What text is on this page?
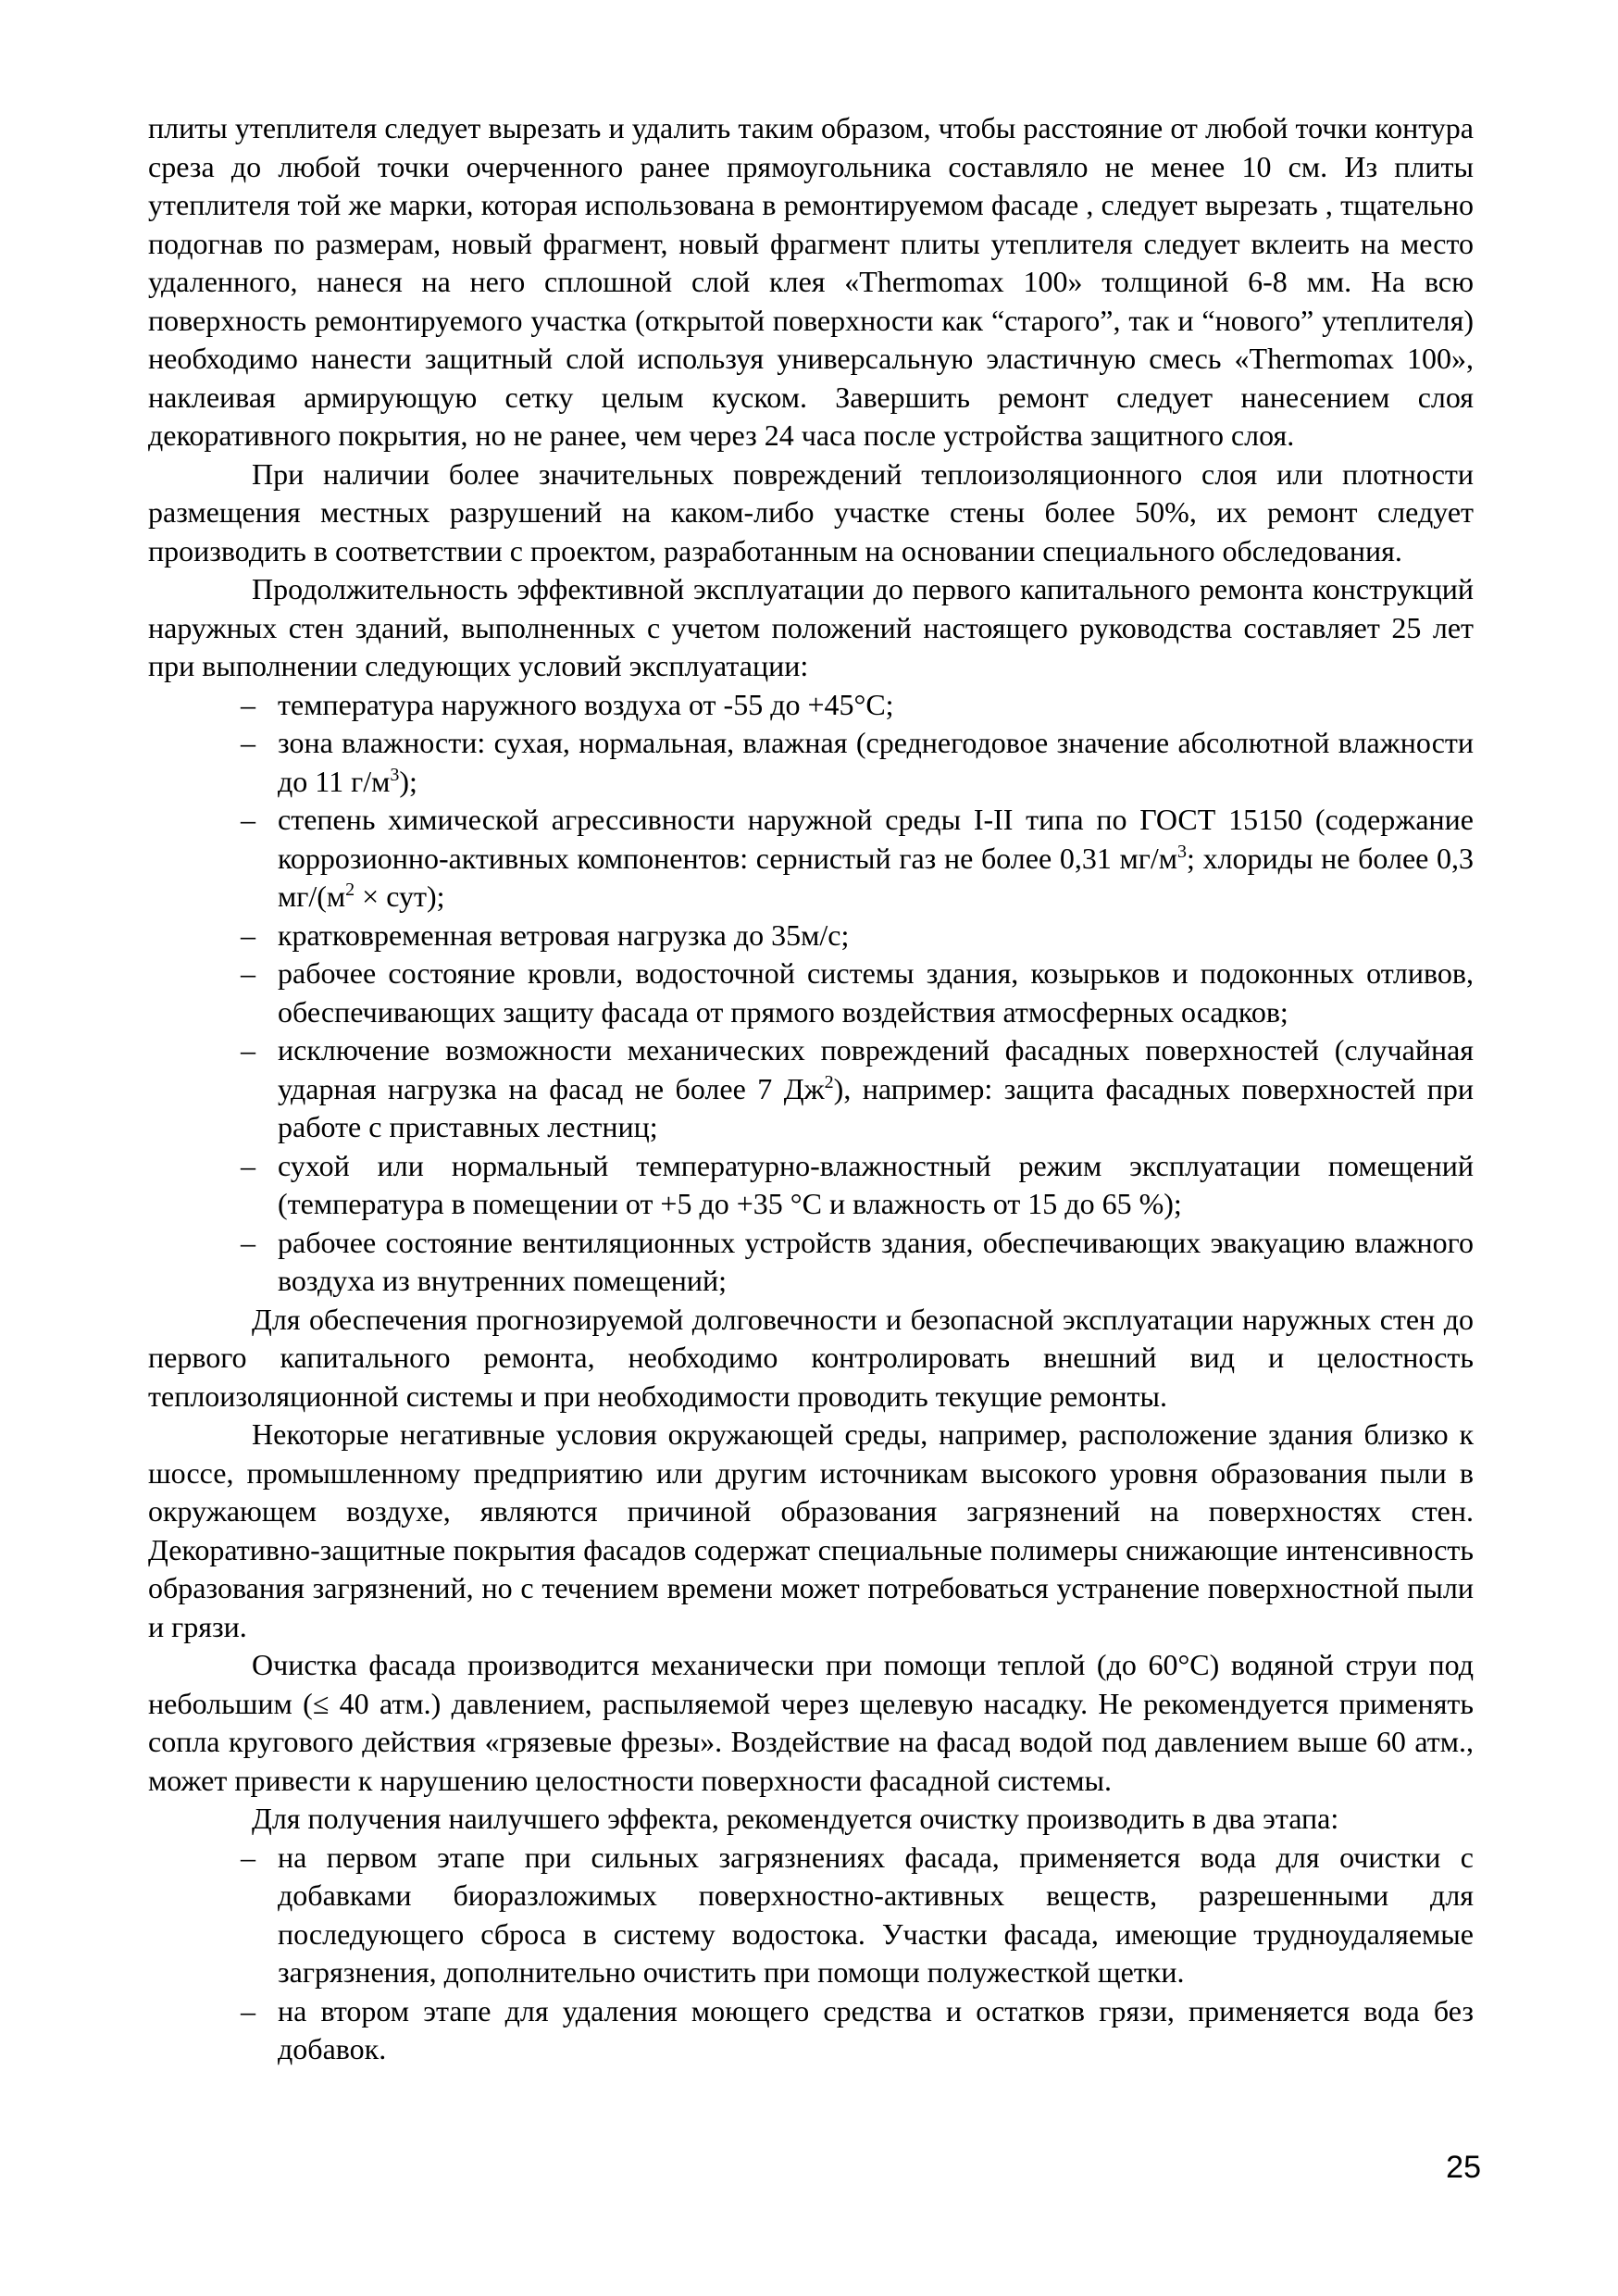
плиты утеплителя следует вырезать и удалить таким образом, чтобы расстояние от любой точки контура среза до любой точки очерченного ранее прямоугольника составляло не менее 10 см. Из плиты утеплителя той же марки, которая использована в ремонтируемом фасаде , следует вырезать , тщательно подогнав по размерам, новый фрагмент, новый фрагмент плиты утеплителя следует вклеить на место удаленного, нанеся на него сплошной слой клея «Thermomax 100» толщиной 6-8 мм. На всю поверхность ремонтируемого участка (открытой поверхности как “старого”, так и “нового” утеплителя) необходимо нанести защитный слой используя универсальную эластичную смесь «Thermomax 100», наклеивая армирующую сетку целым куском. Завершить ремонт следует нанесением слоя декоративного покрытия, но не ранее, чем через 24 часа после устройства защитного слоя.

При наличии более значительных повреждений теплоизоляционного слоя или плотности размещения местных разрушений на каком-либо участке стены более 50%, их ремонт следует производить в соответствии с проектом, разработанным на основании специального обследования.

Продолжительность эффективной эксплуатации до первого капитального ремонта конструкций наружных стен зданий, выполненных с учетом положений настоящего руководства составляет 25 лет при выполнении следующих условий эксплуатации:

– температура наружного воздуха от -55 до +45°С;
– зона влажности: сухая, нормальная, влажная (среднегодовое значение абсолютной влажности до 11 $г/м^3$);
– степень химической агрессивности наружной среды I-II типа по ГОСТ 15150 (содержание коррозионно-активных компонентов: сернистый газ не более 0,31 $мг/м^3$; хлориды не более 0,3 $мг/(м^2 \times сут)$;
– кратковременная ветровая нагрузка до 35м/с;
– рабочее состояние кровли, водосточной системы здания, козырьков и подоконных отливов, обеспечивающих защиту фасада от прямого воздействия атмосферных осадков;
– исключение возможности механических повреждений фасадных поверхностей (случайная ударная нагрузка на фасад не более 7 $Дж^2$), например: защита фасадных поверхностей при работе с приставных лестниц;
– сухой или нормальный температурно-влажностный режим эксплуатации помещений (температура в помещении от +5 до +35 °С и влажность от 15 до 65 %);
– рабочее состояние вентиляционных устройств здания, обеспечивающих эвакуацию влажного воздуха из внутренних помещений;

Для обеспечения прогнозируемой долговечности и безопасной эксплуатации наружных стен до первого капитального ремонта, необходимо контролировать внешний вид и целостность теплоизоляционной системы и при необходимости проводить текущие ремонты.

Некоторые негативные условия окружающей среды, например, расположение здания близко к шоссе, промышленному предприятию или другим источникам высокого уровня образования пыли в окружающем воздухе, являются причиной образования загрязнений на поверхностях стен. Декоративно-защитные покрытия фасадов содержат специальные полимеры снижающие интенсивность образования загрязнений, но с течением времени может потребоваться устранение поверхностной пыли и грязи.

Очистка фасада производится механически при помощи теплой (до 60°С) водяной струи под небольшим (≤ 40 атм.) давлением, распыляемой через щелевую насадку. Не рекомендуется применять сопла кругового действия «грязевые фрезы». Воздействие на фасад водой под давлением выше 60 атм., может привести к нарушению целостности поверхности фасадной системы.

Для получения наилучшего эффекта, рекомендуется очистку производить в два этапа:

– на первом этапе при сильных загрязнениях фасада, применяется вода для очистки с добавками биоразложимых поверхностно-активных веществ, разрешенными для последующего сброса в систему водостока. Участки фасада, имеющие трудноудаляемые загрязнения, дополнительно очистить при помощи полужесткой щетки.
– на втором этапе для удаления моющего средства и остатков грязи, применяется вода без добавок.
25
